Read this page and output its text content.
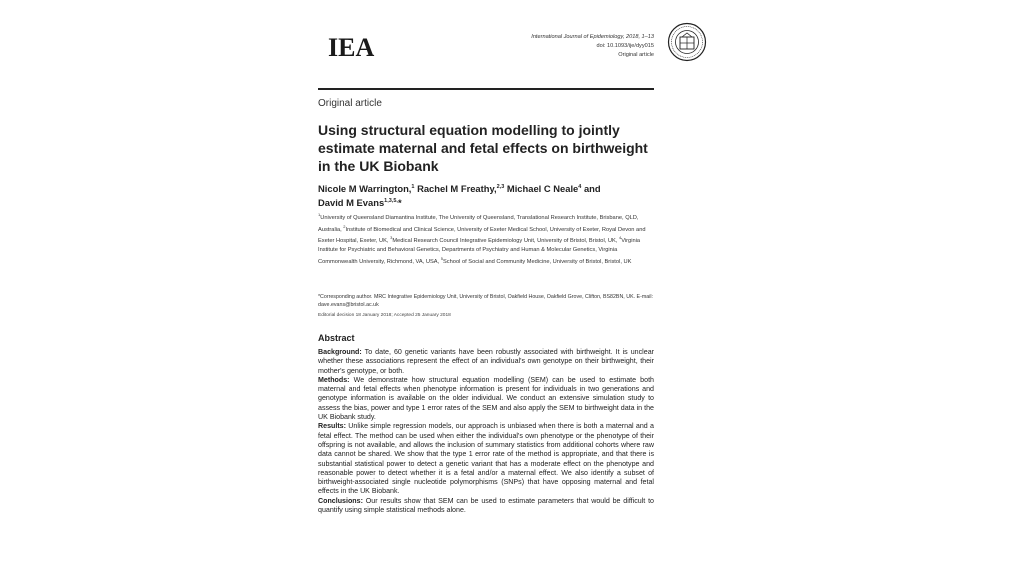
IEA	International Journal of Epidemiology, 2018, 1–13
doi: 10.1093/ije/dyy015
Original article
Original article
Using structural equation modelling to jointly estimate maternal and fetal effects on birthweight in the UK Biobank
Nicole M Warrington,$^1$ Rachel M Freathy,$^{2,3}$ Michael C Neale$^4$ and
David M Evans$^{1,3,5,}$*
$^1$University of Queensland Diamantina Institute, The University of Queensland, Translational Research Institute, Brisbane, QLD, Australia, $^2$Institute of Biomedical and Clinical Science, University of Exeter Medical School, University of Exeter, Royal Devon and Exeter Hospital, Exeter, UK, $^3$Medical Research Council Integrative Epidemiology Unit, University of Bristol, Bristol, UK, $^4$Virginia Institute for Psychiatric and Behavioral Genetics, Departments of Psychiatry and Human & Molecular Genetics, Virginia Commonwealth University, Richmond, VA, USA, $^5$School of Social and Community Medicine, University of Bristol, Bristol, UK
*Corresponding author. MRC Integrative Epidemiology Unit, University of Bristol, Oakfield House, Oakfield Grove, Clifton, BS82BN, UK. E-mail: dave.evans@bristol.ac.uk
Editorial decision 18 January 2018; Accepted 25 January 2018
Abstract

Background: To date, 60 genetic variants have been robustly associated with birthweight. It is unclear whether these associations represent the effect of an individual's own genotype on their birthweight, their mother's genotype, or both.

Methods: We demonstrate how structural equation modelling (SEM) can be used to estimate both maternal and fetal effects when phenotype information is present for individuals in two generations and genotype information is available on the older individual. We conduct an extensive simulation study to assess the bias, power and type 1 error rates of the SEM and also apply the SEM to birthweight data in the UK Biobank study.

Results: Unlike simple regression models, our approach is unbiased when there is both a maternal and a fetal effect. The method can be used when either the individual's own phenotype or the phenotype of their offspring is not available, and allows the inclusion of summary statistics from additional cohorts where raw data cannot be shared. We show that the type 1 error rate of the method is appropriate, and that there is substantial statistical power to detect a genetic variant that has a moderate effect on the phenotype and reasonable power to detect whether it is a fetal and/or a maternal effect. We also identify a subset of birthweight-associated single nucleotide polymorphisms (SNPs) that have opposing maternal and fetal effects in the UK Biobank.

Conclusions: Our results show that SEM can be used to estimate parameters that would be difficult to quantify using simple statistical methods alone.
